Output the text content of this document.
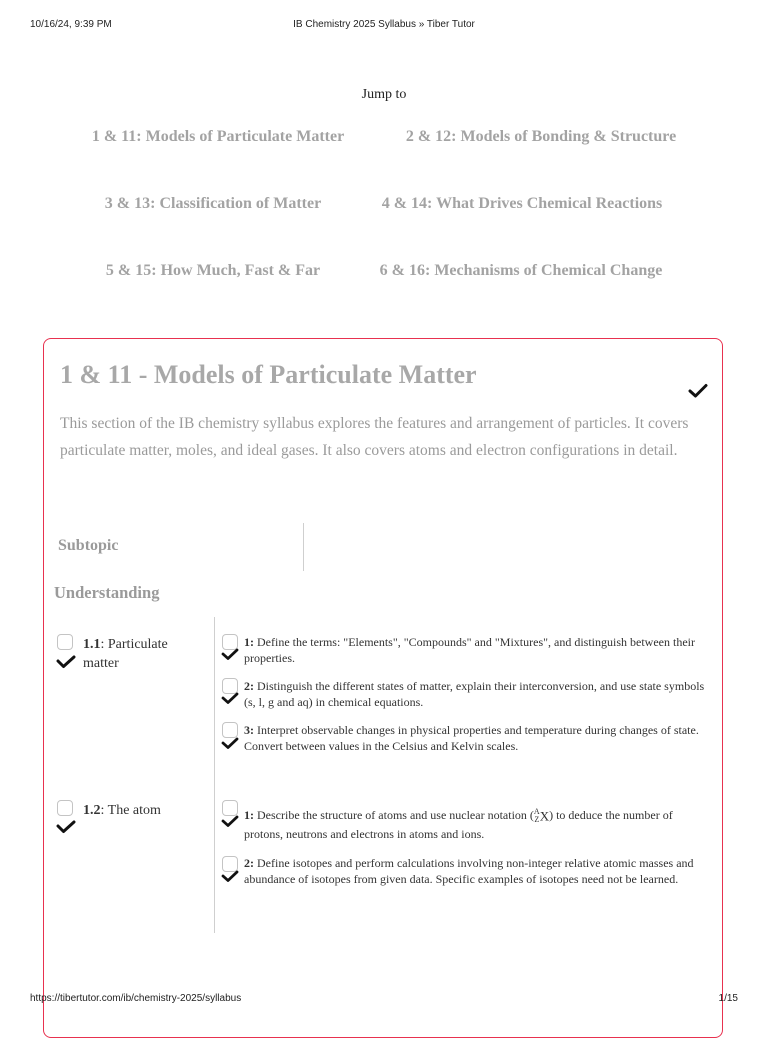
10/16/24, 9:39 PM	IB Chemistry 2025 Syllabus » Tiber Tutor
Jump to
1 & 11: Models of Particulate Matter	2 & 12: Models of Bonding & Structure
3 & 13: Classification of Matter	4 & 14: What Drives Chemical Reactions
5 & 15: How Much, Fast & Far	6 & 16: Mechanisms of Chemical Change
1 & 11 - Models of Particulate Matter
This section of the IB chemistry syllabus explores the features and arrangement of particles. It covers particulate matter, moles, and ideal gases. It also covers atoms and electron configurations in detail.
Subtopic
Understanding
1.1: Particulate matter
1: Define the terms: "Elements", "Compounds" and "Mixtures", and distinguish between their properties.
2: Distinguish the different states of matter, explain their interconversion, and use state symbols (s, l, g and aq) in chemical equations.
3: Interpret observable changes in physical properties and temperature during changes of state. Convert between values in the Celsius and Kelvin scales.
1.2: The atom	1: Describe the structure of atoms and use nuclear notation ( A
Z X) to deduce the number of protons, neutrons and electrons in atoms and ions.
2: Define isotopes and perform calculations involving non-integer relative atomic masses and abundance of isotopes from given data. Specific examples of isotopes need not be learned.
https://tibertutor.com/ib/chemistry-2025/syllabus	1/15
